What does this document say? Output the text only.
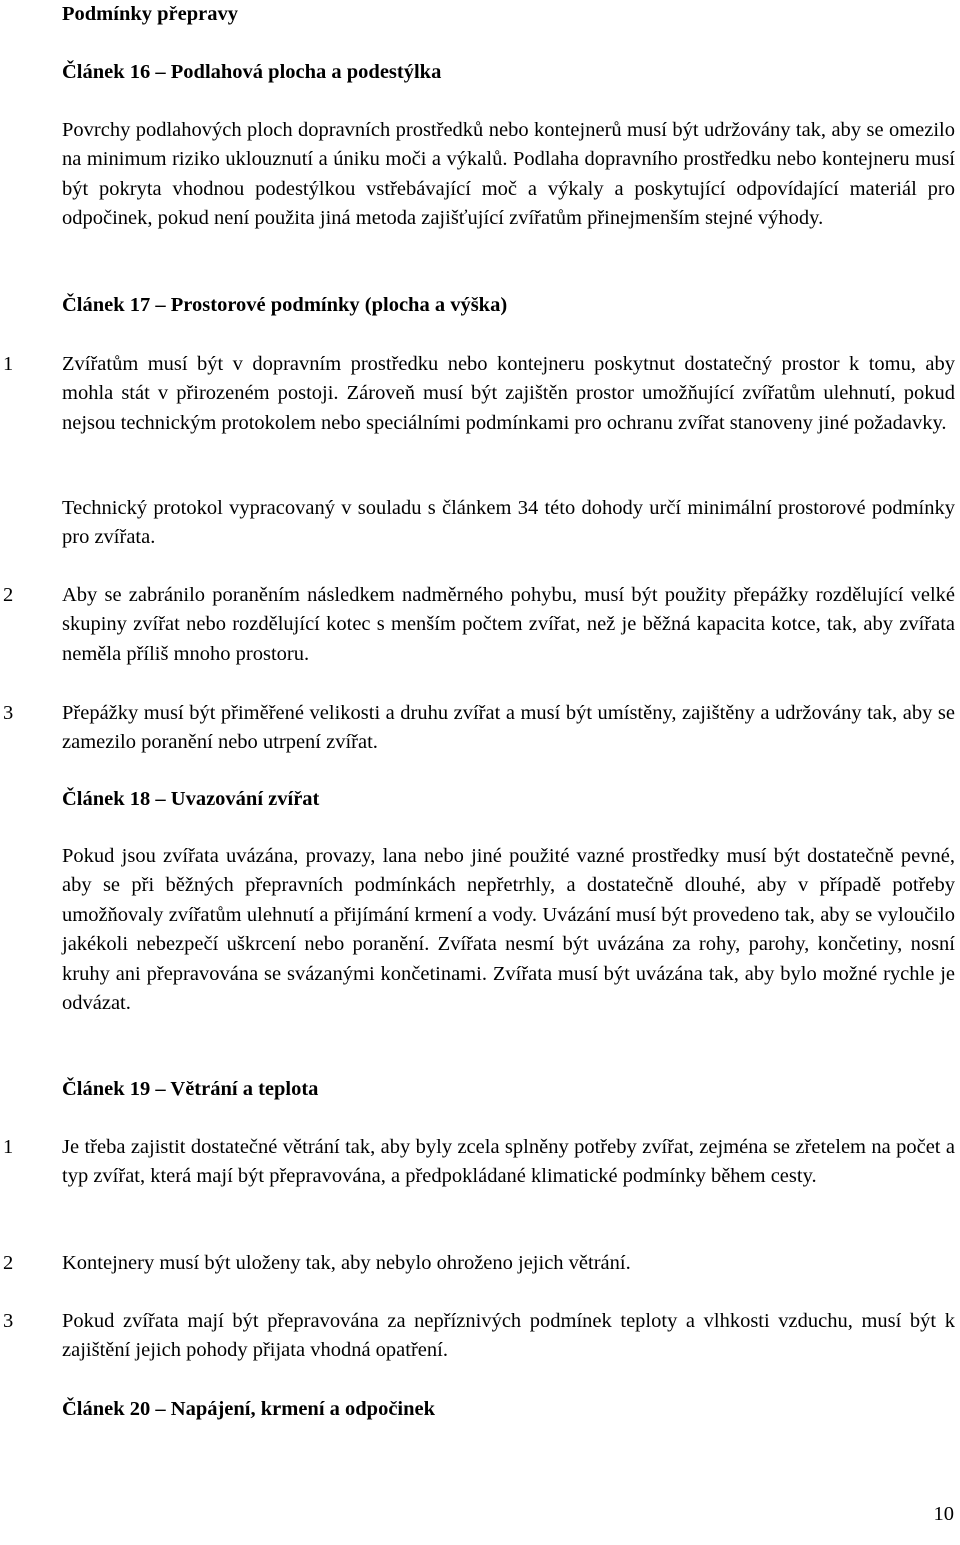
Podmínky přepravy

Článek 16 – Podlahová plocha a podestýlka

Povrchy podlahových ploch dopravních prostředků nebo kontejnerů musí být udržovány tak, aby se omezilo na minimum riziko uklouznutí a úniku moči a výkalů. Podlaha dopravního prostředku nebo kontejneru musí být pokryta vhodnou podestýlkou vstřebávající moč a výkaly a poskytující odpovídající materiál pro odpočinek, pokud není použita jiná metoda zajišťující zvířatům přinejmenším stejné výhody.

Článek 17 – Prostorové podmínky (plocha a výška)

1 Zvířatům musí být v dopravním prostředku nebo kontejneru poskytnut dostatečný prostor k tomu, aby mohla stát v přirozeném postoji. Zároveň musí být zajištěn prostor umožňující zvířatům ulehnutí, pokud nejsou technickým protokolem nebo speciálními podmínkami pro ochranu zvířat stanoveny jiné požadavky.

Technický protokol vypracovaný v souladu s článkem 34 této dohody určí minimální prostorové podmínky pro zvířata.

2 Aby se zabránilo poraněním následkem nadměrného pohybu, musí být použity přepážky rozdělující velké skupiny zvířat nebo rozdělující kotec s menším počtem zvířat, než je běžná kapacita kotce, tak, aby zvířata neměla příliš mnoho prostoru.

3 Přepážky musí být přiměřené velikosti a druhu zvířat a musí být umístěny, zajištěny a udržovány tak, aby se zamezilo poranění nebo utrpení zvířat.

Článek 18 – Uvazování zvířat

Pokud jsou zvířata uvázána, provazy, lana nebo jiné použité vazné prostředky musí být dostatečně pevné, aby se při běžných přepravních podmínkách nepřetrhly, a dostatečně dlouhé, aby v případě potřeby umožňovaly zvířatům ulehnutí a přijímání krmení a vody. Uvázání musí být provedeno tak, aby se vyloučilo jakékoli nebezpečí uškrcení nebo poranění. Zvířata nesmí být uvázána za rohy, parohy, končetiny, nosní kruhy ani přepravována se svázanými končetinami. Zvířata musí být uvázána tak, aby bylo možné rychle je odvázat.

Článek 19 – Větrání a teplota

1 Je třeba zajistit dostatečné větrání tak, aby byly zcela splněny potřeby zvířat, zejména se zřetelem na počet a typ zvířat, která mají být přepravována, a předpokládané klimatické podmínky během cesty.

2 Kontejnery musí být uloženy tak, aby nebylo ohroženo jejich větrání.

3 Pokud zvířata mají být přepravována za nepříznivých podmínek teploty a vlhkosti vzduchu, musí být k zajištění jejich pohody přijata vhodná opatření.

Článek 20 – Napájení, krmení a odpočinek

10
